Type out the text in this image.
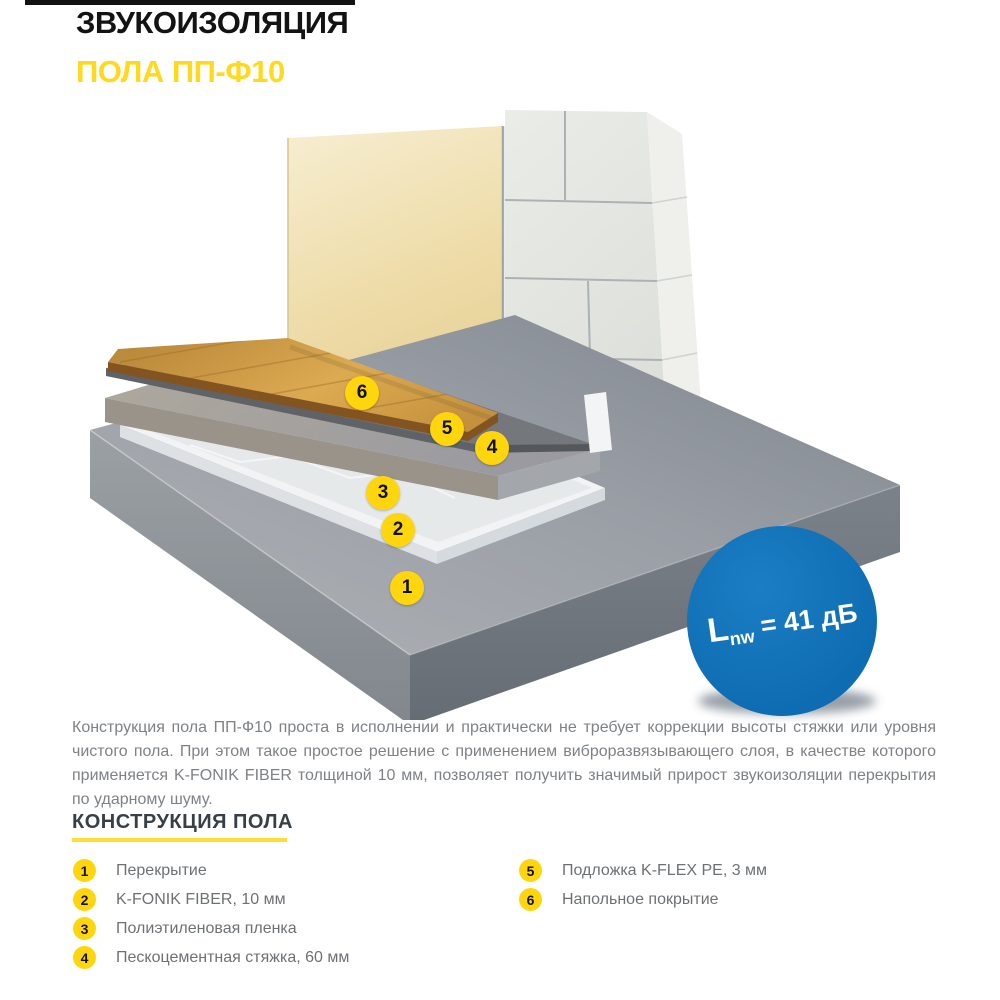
ЗВУКОИЗОЛЯЦИЯ
ПОЛА ПП-Ф10
1
2
3
4
5
6
Lnw = 41 дБ
Конструкция пола ПП-Ф10 проста в исполнении и практически не требует коррекции высоты стяжки или уровня чистого пола. При этом такое простое решение с применением виброразвязывающего слоя, в качестве которого применяется K-FONIK FIBER толщиной 10 мм, позволяет получить значимый прирост звукоизоляции перекрытия по ударному шуму.
КОНСТРУКЦИЯ ПОЛА
1	Перекрытие
2	K-FONIK FIBER, 10 мм
3	Полиэтиленовая пленка
4	Пескоцементная стяжка, 60 мм
5	Подложка K-FLEX PE, 3 мм
6	Напольное покрытие
